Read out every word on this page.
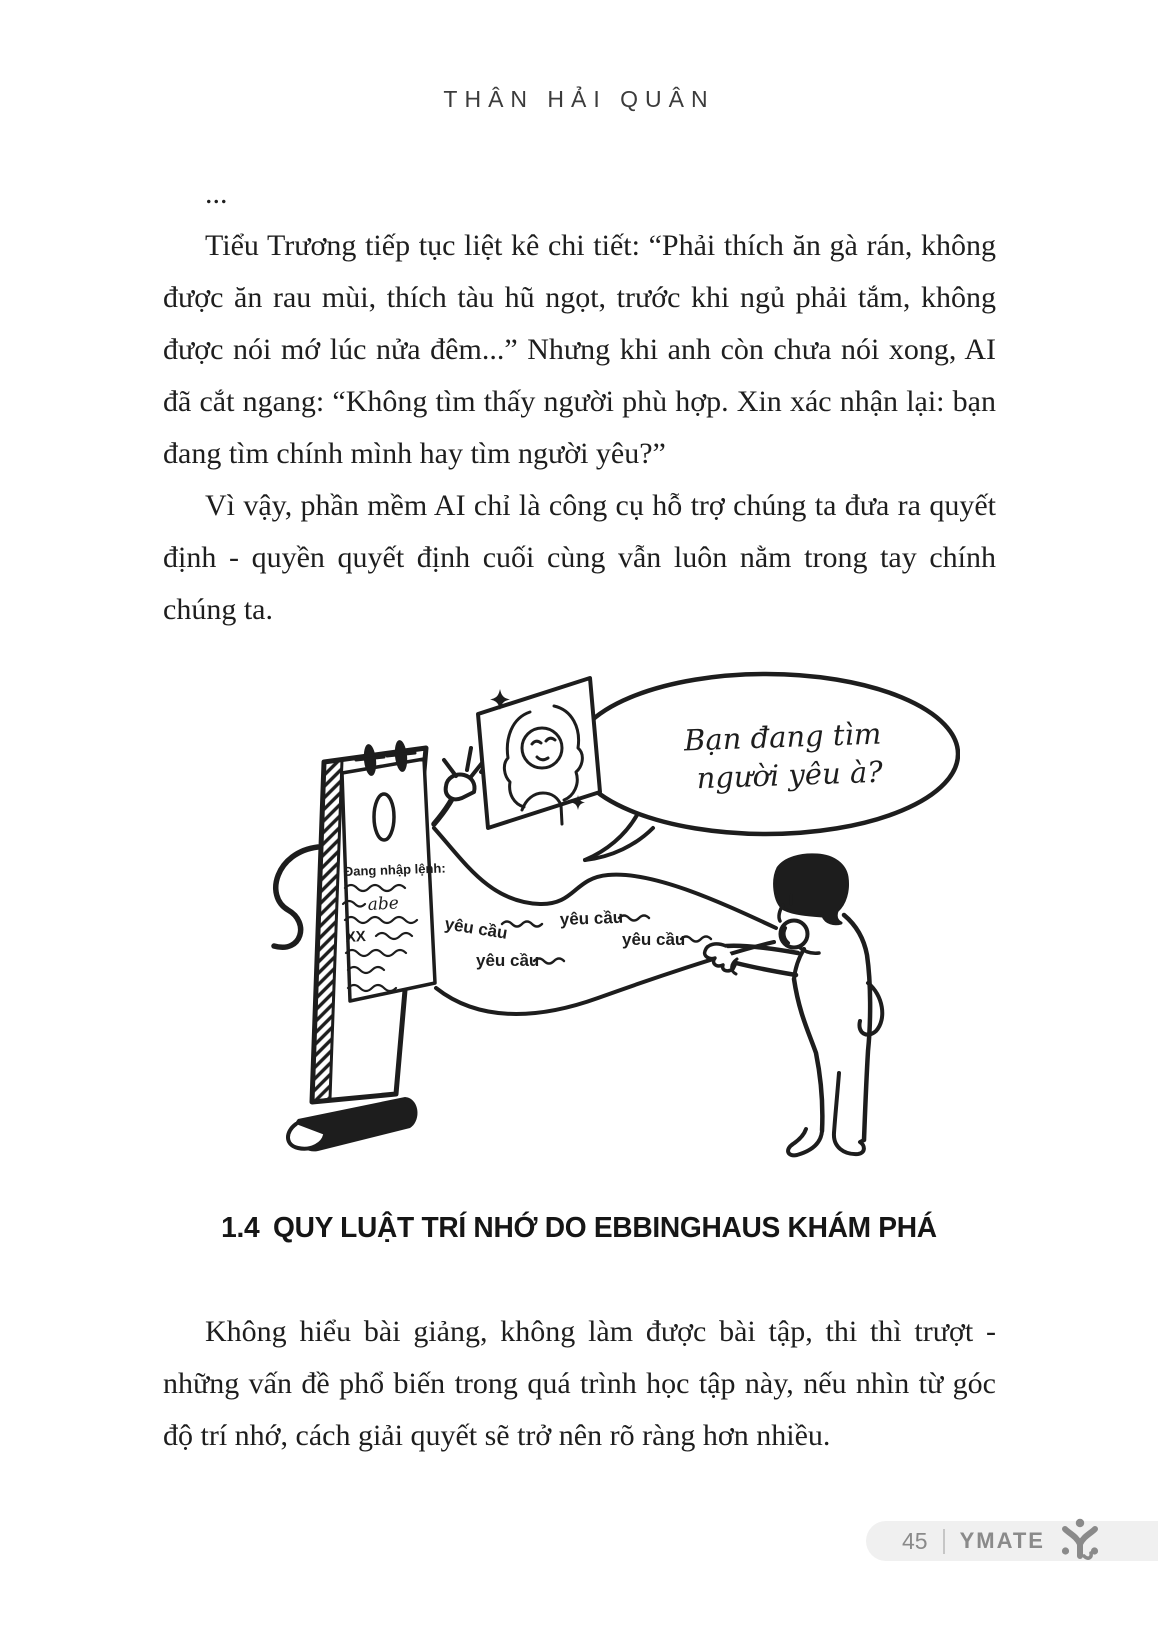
THÂN HẢI QUÂN
...

Tiểu Trương tiếp tục liệt kê chi tiết: “Phải thích ăn gà rán, không được ăn rau mùi, thích tàu hũ ngọt, trước khi ngủ phải tắm, không được nói mớ lúc nửa đêm...” Nhưng khi anh còn chưa nói xong, AI đã cắt ngang: “Không tìm thấy người phù hợp. Xin xác nhận lại: bạn đang tìm chính mình hay tìm người yêu?”

Vì vậy, phần mềm AI chỉ là công cụ hỗ trợ chúng ta đưa ra quyết định - quyền quyết định cuối cùng vẫn luôn nằm trong tay chính chúng ta.

Bạn đang tìm
người yêu à?
Đang nhập lệnh:
abe
XX	yêu cầu	yêu cầu
yêu cầu
yêu cầu
1.4 QUY LUẬT TRÍ NHỚ DO EBBINGHAUS KHÁM PHÁ

Không hiểu bài giảng, không làm được bài tập, thi thì trượt - những vấn đề phổ biến trong quá trình học tập này, nếu nhìn từ góc độ trí nhớ, cách giải quyết sẽ trở nên rõ ràng hơn nhiều.

45 YMATE
